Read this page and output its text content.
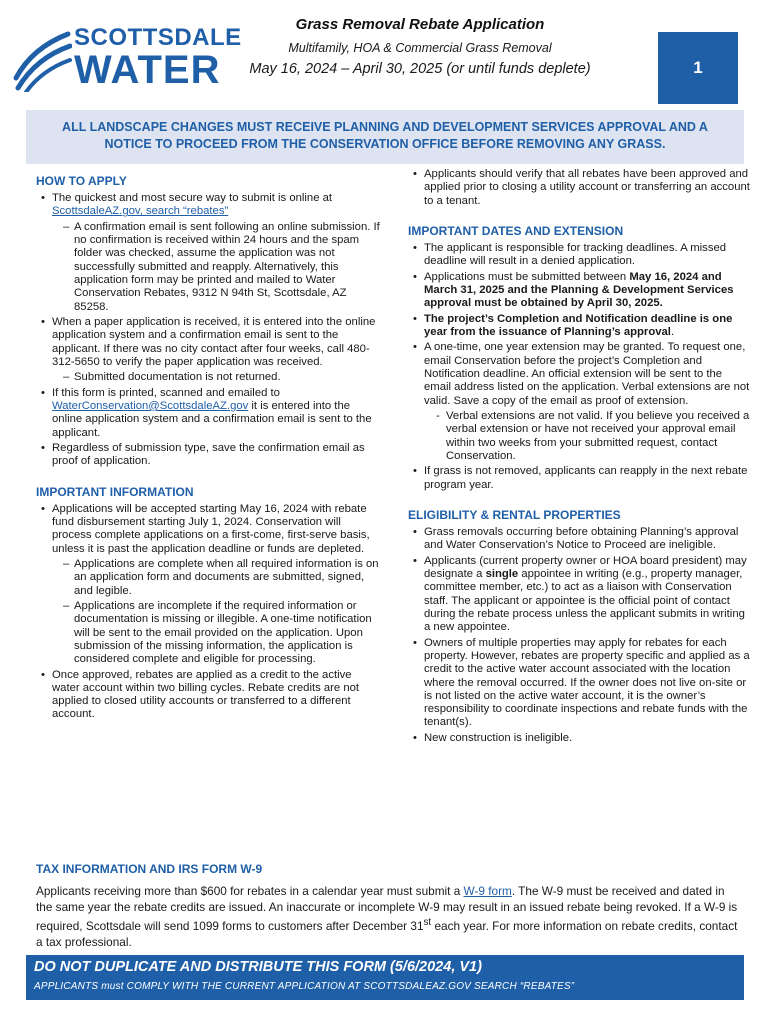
SCOTTSDALE
WATER
Grass Removal Rebate Application
Multifamily, HOA & Commercial Grass Removal
May 16, 2024 – April 30, 2025 (or until funds deplete)	1
ALL LANDSCAPE CHANGES MUST RECEIVE PLANNING AND DEVELOPMENT SERVICES APPROVAL AND A
NOTICE TO PROCEED FROM THE CONSERVATION OFFICE BEFORE REMOVING ANY GRASS.
HOW TO APPLY
• The quickest and most secure way to submit is online at ScottsdaleAZ.gov, search “rebates”
– A confirmation email is sent following an online submission. If no confirmation is received within 24 hours and the spam folder was checked, assume the application was not successfully submitted and reapply. Alternatively, this application form may be printed and mailed to Water Conservation Rebates, 9312 N 94th St, Scottsdale, AZ 85258.
• When a paper application is received, it is entered into the online application system and a confirmation email is sent to the applicant. If there was no city contact after four weeks, call 480-312-5650 to verify the paper application was received.
– Submitted documentation is not returned.
• If this form is printed, scanned and emailed to WaterConservation@ScottsdaleAZ.gov it is entered into the online application system and a confirmation email is sent to the applicant.
• Regardless of submission type, save the confirmation email as proof of application.
IMPORTANT INFORMATION
• Applications will be accepted starting May 16, 2024 with rebate fund disbursement starting July 1, 2024. Conservation will process complete applications on a first-come, first-serve basis, unless it is past the application deadline or funds are depleted.
– Applications are complete when all required information is on an application form and documents are submitted, signed, and legible.
– Applications are incomplete if the required information or documentation is missing or illegible. A one-time notification will be sent to the email provided on the application. Upon submission of the missing information, the application is considered complete and eligible for processing.
• Once approved, rebates are applied as a credit to the active water account within two billing cycles. Rebate credits are not applied to closed utility accounts or transferred to a different account.
• Applicants should verify that all rebates have been approved and applied prior to closing a utility account or transferring an account to a tenant.
IMPORTANT DATES AND EXTENSION
• The applicant is responsible for tracking deadlines. A missed deadline will result in a denied application.
• Applications must be submitted between May 16, 2024 and March 31, 2025 and the Planning & Development Services approval must be obtained by April 30, 2025.
• The project’s Completion and Notification deadline is one year from the issuance of Planning’s approval.
• A one-time, one year extension may be granted. To request one, email Conservation before the project’s Completion and Notification deadline. An official extension will be sent to the email address listed on the application. Verbal extensions are not valid. Save a copy of the email as proof of extension.
- Verbal extensions are not valid. If you believe you received a verbal extension or have not received your approval email within two weeks from your submitted request, contact Conservation.
• If grass is not removed, applicants can reapply in the next rebate program year.
ELIGIBILITY & RENTAL PROPERTIES
• Grass removals occurring before obtaining Planning’s approval and Water Conservation’s Notice to Proceed are ineligible.
• Applicants (current property owner or HOA board president) may designate a single appointee in writing (e.g., property manager, committee member, etc.) to act as a liaison with Conservation staff. The applicant or appointee is the official point of contact during the rebate process unless the applicant submits in writing a new appointee.
• Owners of multiple properties may apply for rebates for each property. However, rebates are property specific and applied as a credit to the active water account associated with the location where the removal occurred. If the owner does not live on-site or is not listed on the active water account, it is the owner’s responsibility to coordinate inspections and rebate funds with the tenant(s).
• New construction is ineligible.
TAX INFORMATION AND IRS FORM W-9

Applicants receiving more than $600 for rebates in a calendar year must submit a W-9 form. The W-9 must be received and dated in the same year the rebate credits are issued. An inaccurate or incomplete W-9 may result in an issued rebate being revoked. If a W-9 is required, Scottsdale will send 1099 forms to customers after December 31st each year. For more information on rebate credits, contact a tax professional.

DO NOT DUPLICATE AND DISTRIBUTE THIS FORM (5/6/2024, V1)
APPLICANTS must COMPLY WITH THE CURRENT APPLICATION AT SCOTTSDALEAZ.GOV SEARCH “REBATES”
